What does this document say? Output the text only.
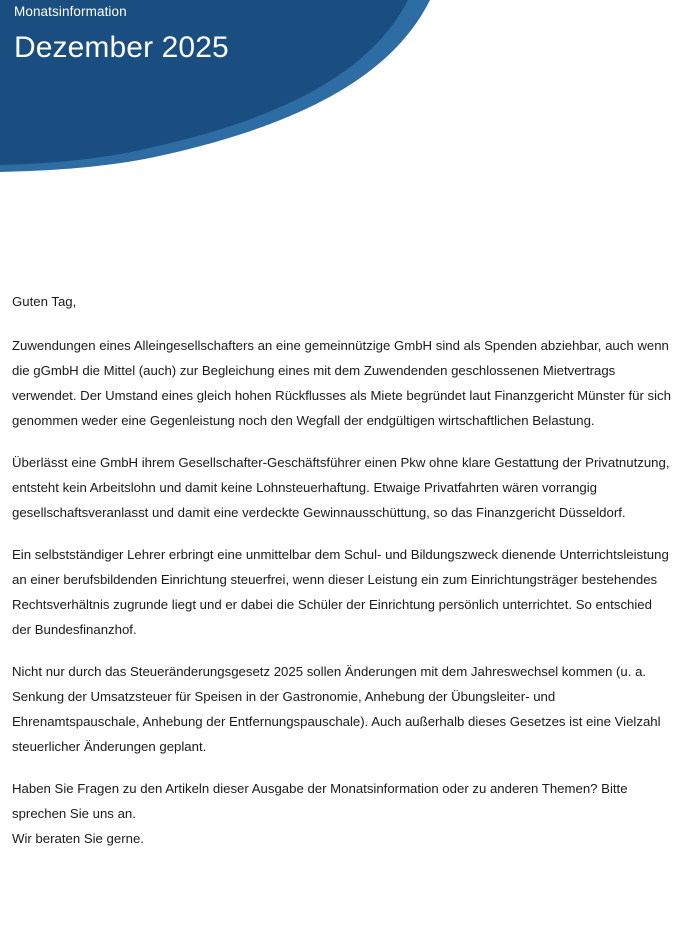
Monatsinformation
Dezember 2025

Guten Tag,

Zuwendungen eines Alleingesellschafters an eine gemeinnützige GmbH sind als Spenden abziehbar, auch wenn die gGmbH die Mittel (auch) zur Begleichung eines mit dem Zuwendenden geschlossenen Mietvertrags verwendet. Der Umstand eines gleich hohen Rückflusses als Miete begründet laut Finanzgericht Münster für sich genommen weder eine Gegenleistung noch den Wegfall der endgültigen wirtschaftlichen Belastung.

Überlässt eine GmbH ihrem Gesellschafter-Geschäftsführer einen Pkw ohne klare Gestattung der Privatnutzung, entsteht kein Arbeitslohn und damit keine Lohnsteuerhaftung. Etwaige Privatfahrten wären vorrangig gesellschaftsveranlasst und damit eine verdeckte Gewinnausschüttung, so das Finanzgericht Düsseldorf.

Ein selbstständiger Lehrer erbringt eine unmittelbar dem Schul- und Bildungszweck dienende Unterrichtsleistung an einer berufsbildenden Einrichtung steuerfrei, wenn dieser Leistung ein zum Einrichtungsträger bestehendes Rechtsverhältnis zugrunde liegt und er dabei die Schüler der Einrichtung persönlich unterrichtet. So entschied der Bundesfinanzhof.

Nicht nur durch das Steueränderungsgesetz 2025 sollen Änderungen mit dem Jahreswechsel kommen (u. a. Senkung der Umsatzsteuer für Speisen in der Gastronomie, Anhebung der Übungsleiter- und Ehrenamtspauschale, Anhebung der Entfernungspauschale). Auch außerhalb dieses Gesetzes ist eine Vielzahl steuerlicher Änderungen geplant.

Haben Sie Fragen zu den Artikeln dieser Ausgabe der Monatsinformation oder zu anderen Themen? Bitte sprechen Sie uns an.
Wir beraten Sie gerne.
